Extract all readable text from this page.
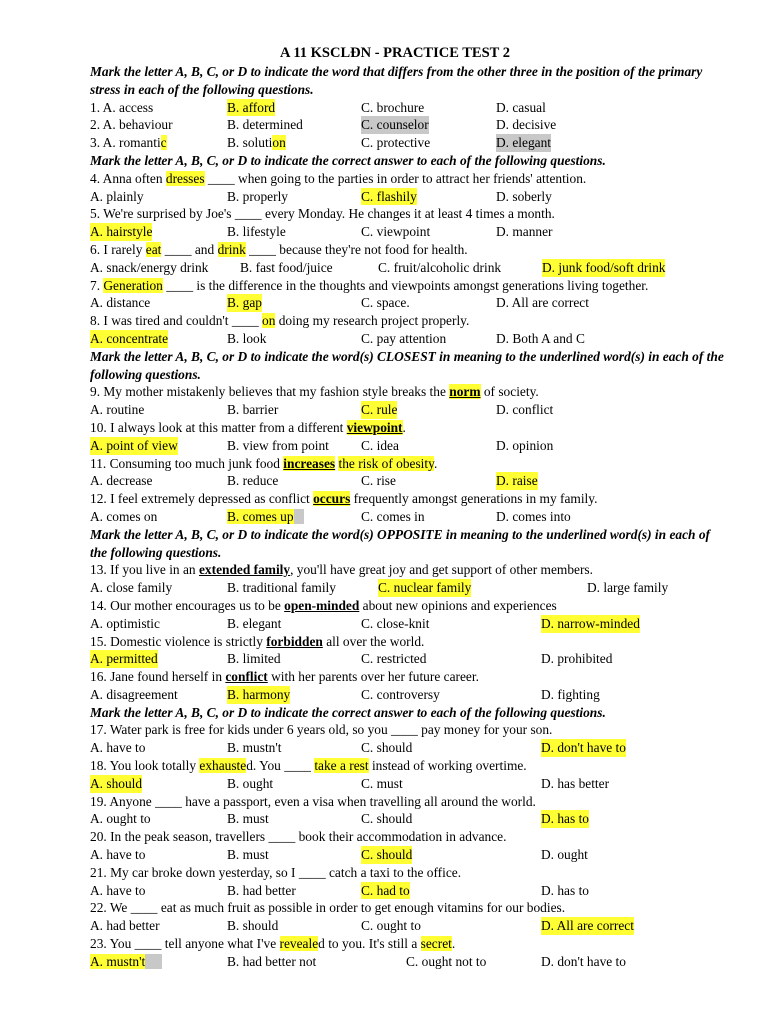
A 11 KSCLĐN - PRACTICE TEST 2
Mark the letter A, B, C, or D to indicate the word that differs from the other three in the position of the primary stress in each of the following questions.
1. A. access	B. afford	C. brochure	D. casual
2. A. behaviour	B. determined	C. counselor	D. decisive
3. A. romantic	B. solution	C. protective	D. elegant
Mark the letter A, B, C, or D to indicate the correct answer to each of the following questions.
4. Anna often dresses ____ when going to the parties in order to attract her friends' attention.
A. plainly	B. properly	C. flashily	D. soberly
5. We're surprised by Joe's ____ every Monday. He changes it at least 4 times a month.
A. hairstyle	B. lifestyle	C. viewpoint	D. manner
6. I rarely eat ____ and drink ____ because they're not food for health.
A. snack/energy drink B. fast food/juice	C. fruit/alcoholic drink	D. junk food/soft drink
7. Generation ____ is the difference in the thoughts and viewpoints amongst generations living together.
A. distance	B. gap	C. space.	D. All are correct
8. I was tired and couldn't ____ on doing my research project properly.
A. concentrate	B. look	C. pay attention	D. Both A and C
Mark the letter A, B, C, or D to indicate the word(s) CLOSEST in meaning to the underlined word(s) in each of the following questions.
9. My mother mistakenly believes that my fashion style breaks the norm of society.
A. routine	B. barrier	C. rule	D. conflict
10. I always look at this matter from a different viewpoint.
A. point of view	B. view from point C. idea	D. opinion
11. Consuming too much junk food increases the risk of obesity.
A. decrease	B. reduce	C. rise	D. raise
12. I feel extremely depressed as conflict occurs frequently amongst generations in my family.
A. comes on	B. comes up	C. comes in	D. comes into
Mark the letter A, B, C, or D to indicate the word(s) OPPOSITE in meaning to the underlined word(s) in each of the following questions.
13. If you live in an extended family, you'll have great joy and get support of other members.
A. close family	B. traditional family	C. nuclear family	D. large family
14. Our mother encourages us to be open-minded about new opinions and experiences
A. optimistic	B. elegant	C. close-knit	D. narrow-minded
15. Domestic violence is strictly forbidden all over the world.
A. permitted	B. limited	C. restricted	D. prohibited
16. Jane found herself in conflict with her parents over her future career.
A. disagreement	B. harmony	C. controversy	D. fighting
Mark the letter A, B, C, or D to indicate the correct answer to each of the following questions.
17. Water park is free for kids under 6 years old, so you ____ pay money for your son.
A. have to	B. mustn't	C. should	D. don't have to
18. You look totally exhausted. You ____ take a rest instead of working overtime.
A. should	B. ought	C. must	D. has better
19. Anyone ____ have a passport, even a visa when travelling all around the world.
A. ought to	B. must	C. should	D. has to
20. In the peak season, travellers ____ book their accommodation in advance.
A. have to	B. must	C. should	D. ought
21. My car broke down yesterday, so I ____ catch a taxi to the office.
A. have to	B. had better	C. had to	D. has to
22. We ____ eat as much fruit as possible in order to get enough vitamins for our bodies.
A. had better	B. should	C. ought to	D. All are correct
23. You ____ tell anyone what I've revealed to you. It's still a secret.
A. mustn't	B. had better not	C. ought not to	D. don't have to
